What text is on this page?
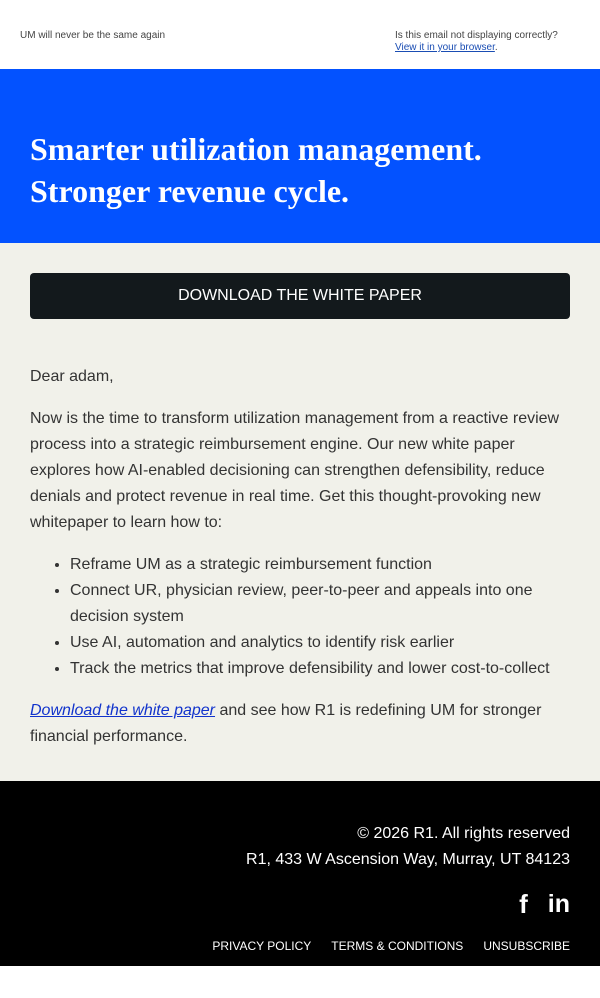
UM will never be the same again	Is this email not displaying correctly?
View it in your browser.
Smarter utilization management.
Stronger revenue cycle.
DOWNLOAD THE WHITE PAPER

Dear adam,

Now is the time to transform utilization management from a reactive review process into a strategic reimbursement engine. Our new white paper explores how AI-enabled decisioning can strengthen defensibility, reduce denials and protect revenue in real time. Get this thought-provoking new whitepaper to learn how to:

• Reframe UM as a strategic reimbursement function
• Connect UR, physician review, peer-to-peer and appeals into one decision system
• Use AI, automation and analytics to identify risk earlier
• Track the metrics that improve defensibility and lower cost-to-collect

Download the white paper and see how R1 is redefining UM for stronger financial performance.

© 2026 R1. All rights reserved
R1, 433 W Ascension Way, Murray, UT 84123
f in
PRIVACY POLICY TERMS & CONDITIONS UNSUBSCRIBE
